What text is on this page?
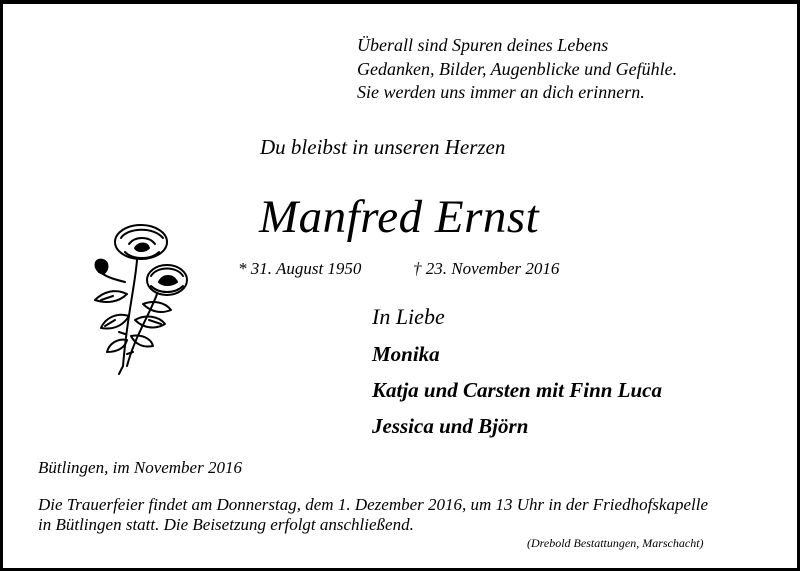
Überall sind Spuren deines Lebens
Gedanken, Bilder, Augenblicke und Gefühle.
Sie werden uns immer an dich erinnern.
Du bleibst in unseren Herzen
Manfred Ernst
* 31. August 1950	† 23. November 2016
In Liebe
Monika
Katja und Carsten mit Finn Luca
Jessica und Björn
Bütlingen, im November 2016
Die Trauerfeier findet am Donnerstag, dem 1. Dezember 2016, um 13 Uhr in der Friedhofskapelle
in Bütlingen statt. Die Beisetzung erfolgt anschließend.
(Drebold Bestattungen, Marschacht)
